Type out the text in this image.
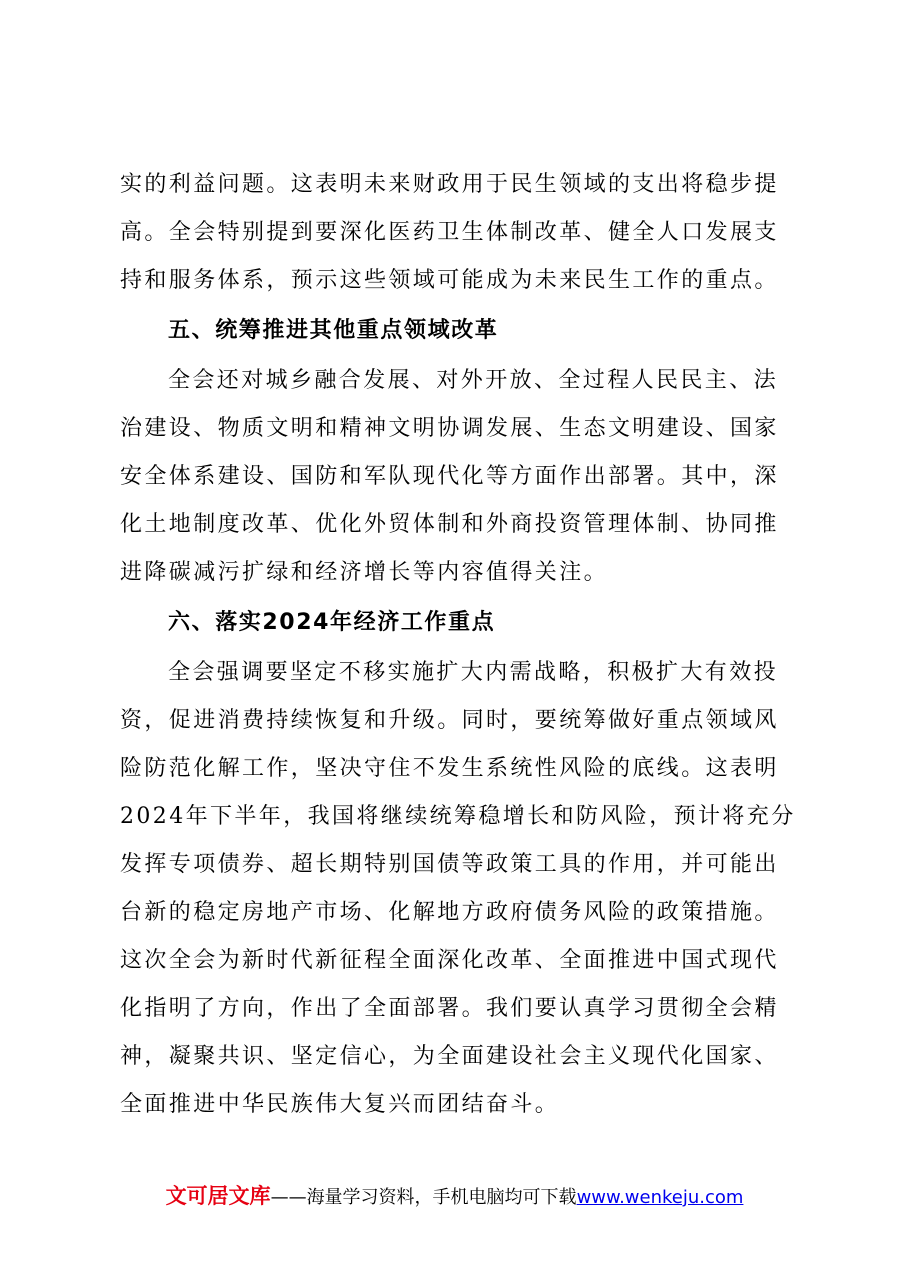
实的利益问题。这表明未来财政用于民生领域的支出将稳步提
高。全会特别提到要深化医药卫生体制改革、健全人口发展支
持和服务体系，预示这些领域可能成为未来民生工作的重点。
五、统筹推进其他重点领域改革
全会还对城乡融合发展、对外开放、全过程人民民主、法
治建设、物质文明和精神文明协调发展、生态文明建设、国家
安全体系建设、国防和军队现代化等方面作出部署。其中，深
化土地制度改革、优化外贸体制和外商投资管理体制、协同推
进降碳减污扩绿和经济增长等内容值得关注。
六、落实2024年经济工作重点
全会强调要坚定不移实施扩大内需战略，积极扩大有效投
资，促进消费持续恢复和升级。同时，要统筹做好重点领域风
险防范化解工作，坚决守住不发生系统性风险的底线。这表明
2024年下半年，我国将继续统筹稳增长和防风险，预计将充分
发挥专项债券、超长期特别国债等政策工具的作用，并可能出
台新的稳定房地产市场、化解地方政府债务风险的政策措施。
这次全会为新时代新征程全面深化改革、全面推进中国式现代
化指明了方向，作出了全面部署。我们要认真学习贯彻全会精
神，凝聚共识、坚定信心，为全面建设社会主义现代化国家、
全面推进中华民族伟大复兴而团结奋斗。
文可居文库——海量学习资料，手机电脑均可下载www.wenkeju.com
